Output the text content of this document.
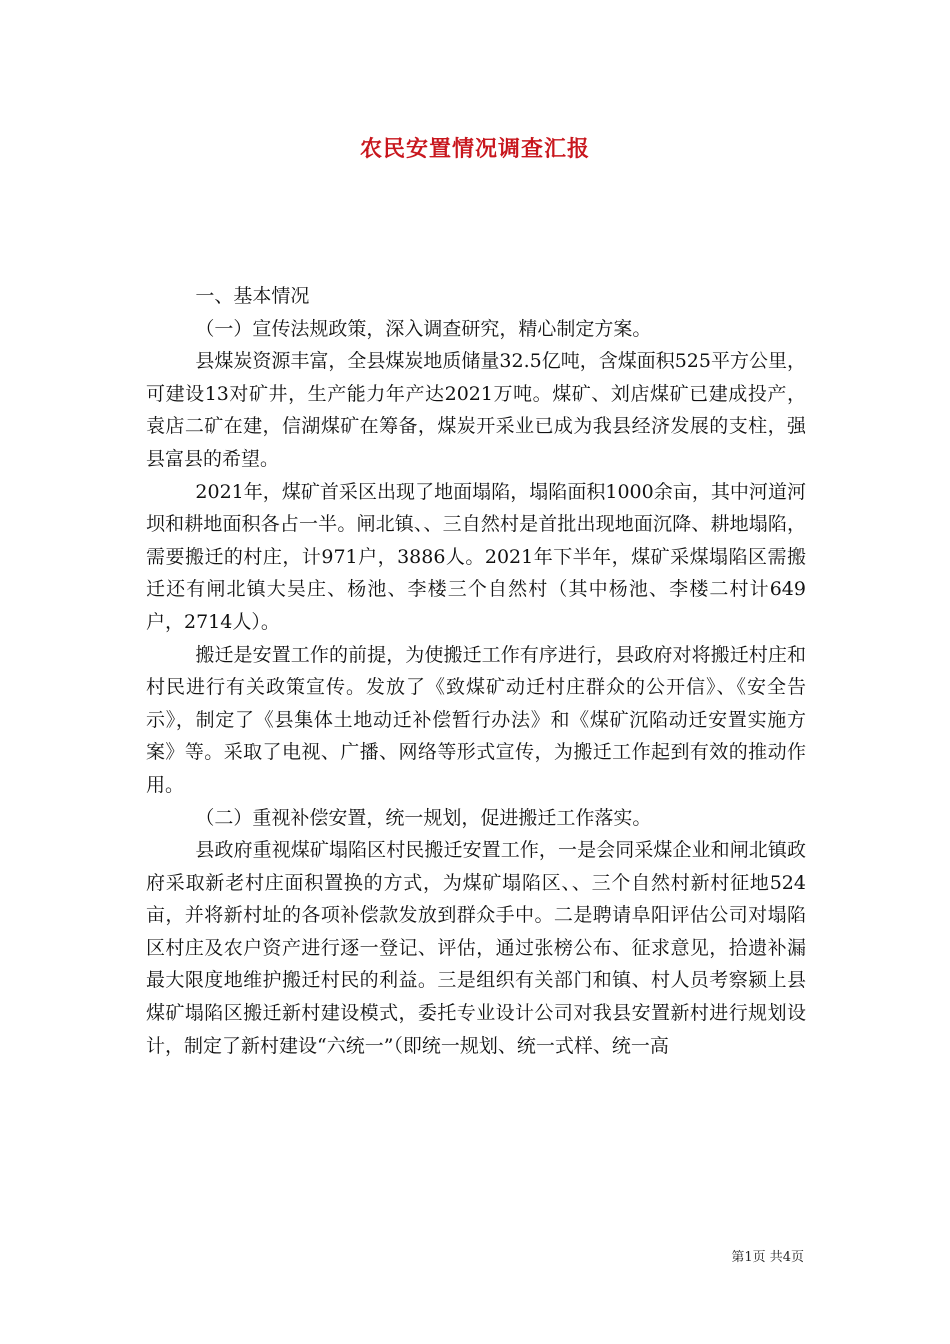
农民安置情况调查汇报

一、基本情况

（一）宣传法规政策，深入调查研究，精心制定方案。

县煤炭资源丰富，全县煤炭地质储量32.5亿吨，含煤面积525平方公里，可建设13对矿井，生产能力年产达2021万吨。煤矿、刘店煤矿已建成投产，袁店二矿在建，信湖煤矿在筹备，煤炭开采业已成为我县经济发展的支柱，强县富县的希望。

2021年，煤矿首采区出现了地面塌陷，塌陷面积1000余亩，其中河道河坝和耕地面积各占一半。闸北镇、、三自然村是首批出现地面沉降、耕地塌陷，需要搬迁的村庄，计971户，3886人。2021年下半年，煤矿采煤塌陷区需搬迁还有闸北镇大吴庄、杨池、李楼三个自然村（其中杨池、李楼二村计649户，2714人）。

搬迁是安置工作的前提，为使搬迁工作有序进行，县政府对将搬迁村庄和村民进行有关政策宣传。发放了《致煤矿动迁村庄群众的公开信》、《安全告示》，制定了《县集体土地动迁补偿暂行办法》和《煤矿沉陷动迁安置实施方案》等。采取了电视、广播、网络等形式宣传，为搬迁工作起到有效的推动作用。

（二）重视补偿安置，统一规划，促进搬迁工作落实。

县政府重视煤矿塌陷区村民搬迁安置工作，一是会同采煤企业和闸北镇政府采取新老村庄面积置换的方式，为煤矿塌陷区、、三个自然村新村征地524亩，并将新村址的各项补偿款发放到群众手中。二是聘请阜阳评估公司对塌陷区村庄及农户资产进行逐一登记、评估，通过张榜公布、征求意见，拾遗补漏最大限度地维护搬迁村民的利益。三是组织有关部门和镇、村人员考察颍上县煤矿塌陷区搬迁新村建设模式，委托专业设计公司对我县安置新村进行规划设计，制定了新村建设“六统一”（即统一规划、统一式样、统一高

第1页 共4页
